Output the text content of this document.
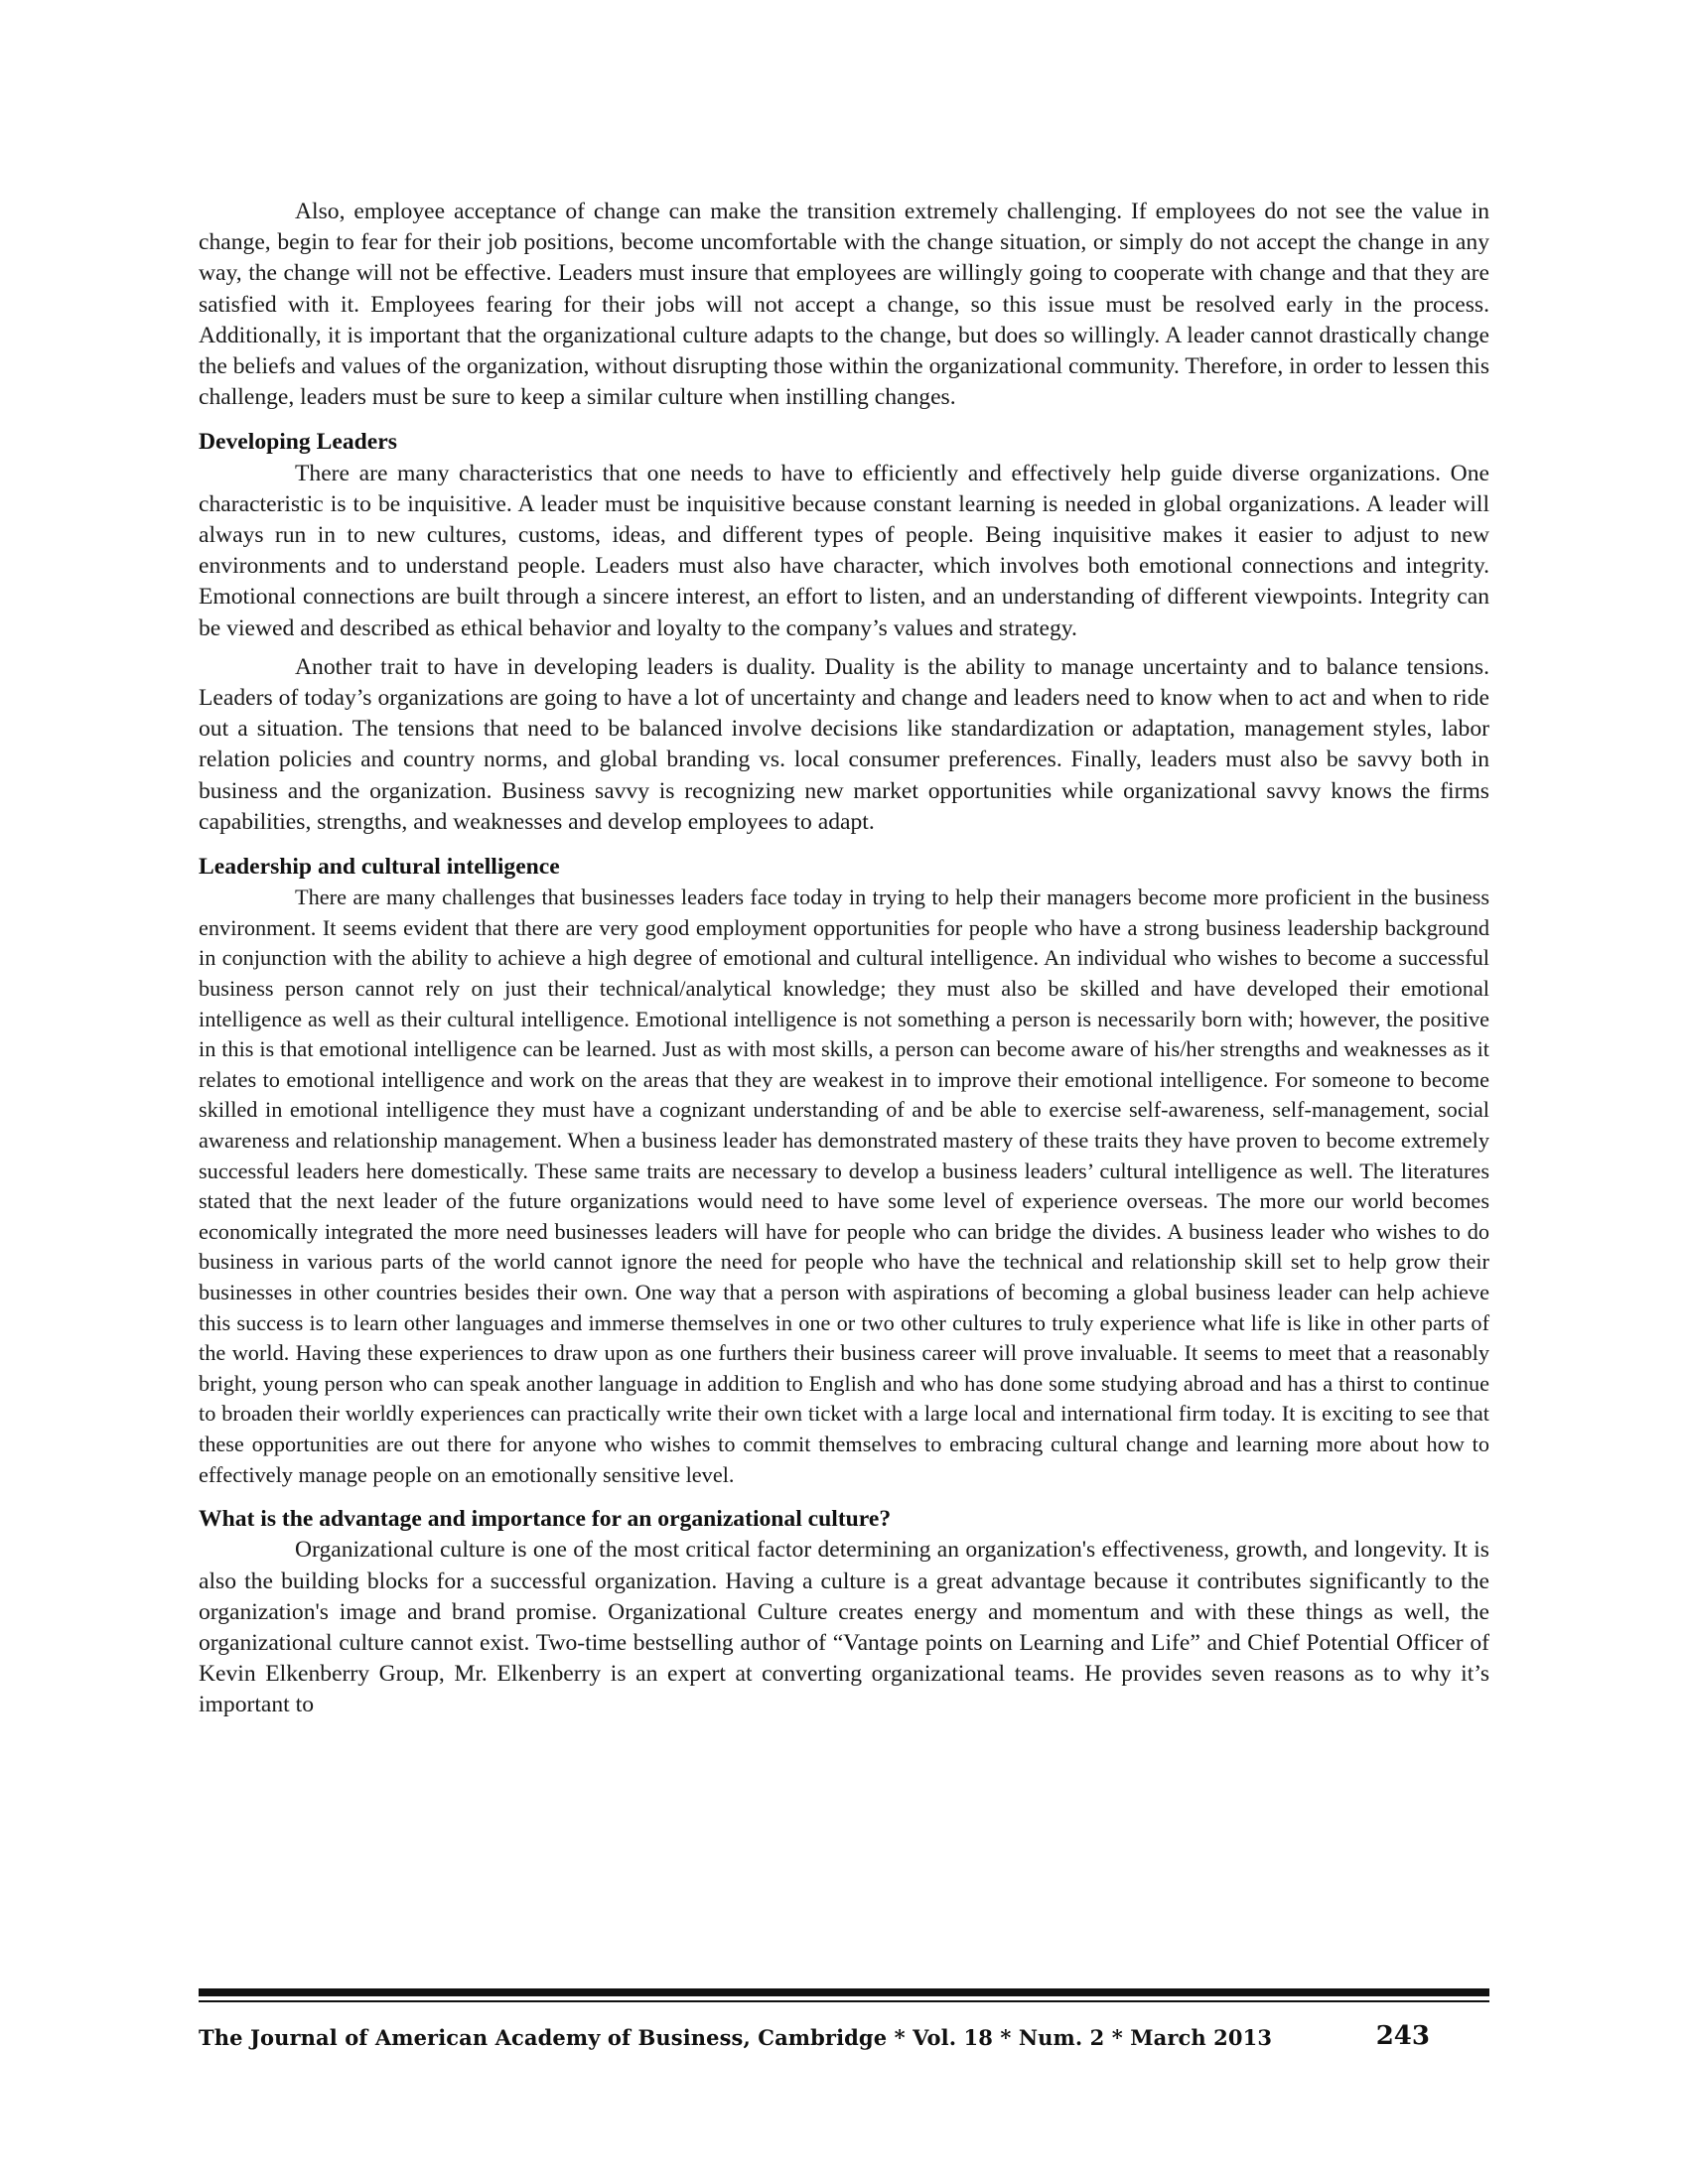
Also, employee acceptance of change can make the transition extremely challenging. If employees do not see the value in change, begin to fear for their job positions, become uncomfortable with the change situation, or simply do not accept the change in any way, the change will not be effective. Leaders must insure that employees are willingly going to cooperate with change and that they are satisfied with it. Employees fearing for their jobs will not accept a change, so this issue must be resolved early in the process. Additionally, it is important that the organizational culture adapts to the change, but does so willingly. A leader cannot drastically change the beliefs and values of the organization, without disrupting those within the organizational community. Therefore, in order to lessen this challenge, leaders must be sure to keep a similar culture when instilling changes.

Developing Leaders

There are many characteristics that one needs to have to efficiently and effectively help guide diverse organizations. One characteristic is to be inquisitive. A leader must be inquisitive because constant learning is needed in global organizations. A leader will always run in to new cultures, customs, ideas, and different types of people. Being inquisitive makes it easier to adjust to new environments and to understand people. Leaders must also have character, which involves both emotional connections and integrity. Emotional connections are built through a sincere interest, an effort to listen, and an understanding of different viewpoints. Integrity can be viewed and described as ethical behavior and loyalty to the company’s values and strategy.

Another trait to have in developing leaders is duality. Duality is the ability to manage uncertainty and to balance tensions. Leaders of today’s organizations are going to have a lot of uncertainty and change and leaders need to know when to act and when to ride out a situation. The tensions that need to be balanced involve decisions like standardization or adaptation, management styles, labor relation policies and country norms, and global branding vs. local consumer preferences. Finally, leaders must also be savvy both in business and the organization. Business savvy is recognizing new market opportunities while organizational savvy knows the firms capabilities, strengths, and weaknesses and develop employees to adapt.

Leadership and cultural intelligence

There are many challenges that businesses leaders face today in trying to help their managers become more proficient in the business environment. It seems evident that there are very good employment opportunities for people who have a strong business leadership background in conjunction with the ability to achieve a high degree of emotional and cultural intelligence. An individual who wishes to become a successful business person cannot rely on just their technical/analytical knowledge; they must also be skilled and have developed their emotional intelligence as well as their cultural intelligence. Emotional intelligence is not something a person is necessarily born with; however, the positive in this is that emotional intelligence can be learned. Just as with most skills, a person can become aware of his/her strengths and weaknesses as it relates to emotional intelligence and work on the areas that they are weakest in to improve their emotional intelligence. For someone to become skilled in emotional intelligence they must have a cognizant understanding of and be able to exercise self-awareness, self-management, social awareness and relationship management. When a business leader has demonstrated mastery of these traits they have proven to become extremely successful leaders here domestically. These same traits are necessary to develop a business leaders’ cultural intelligence as well. The literatures stated that the next leader of the future organizations would need to have some level of experience overseas. The more our world becomes economically integrated the more need businesses leaders will have for people who can bridge the divides. A business leader who wishes to do business in various parts of the world cannot ignore the need for people who have the technical and relationship skill set to help grow their businesses in other countries besides their own. One way that a person with aspirations of becoming a global business leader can help achieve this success is to learn other languages and immerse themselves in one or two other cultures to truly experience what life is like in other parts of the world. Having these experiences to draw upon as one furthers their business career will prove invaluable. It seems to meet that a reasonably bright, young person who can speak another language in addition to English and who has done some studying abroad and has a thirst to continue to broaden their worldly experiences can practically write their own ticket with a large local and international firm today. It is exciting to see that these opportunities are out there for anyone who wishes to commit themselves to embracing cultural change and learning more about how to effectively manage people on an emotionally sensitive level.

What is the advantage and importance for an organizational culture?

Organizational culture is one of the most critical factor determining an organization's effectiveness, growth, and longevity. It is also the building blocks for a successful organization. Having a culture is a great advantage because it contributes significantly to the organization's image and brand promise. Organizational Culture creates energy and momentum and with these things as well, the organizational culture cannot exist. Two-time bestselling author of “Vantage points on Learning and Life” and Chief Potential Officer of Kevin Elkenberry Group, Mr. Elkenberry is an expert at converting organizational teams. He provides seven reasons as to why it’s important to

The Journal of American Academy of Business, Cambridge * Vol. 18 * Num. 2 * March 2013	243
